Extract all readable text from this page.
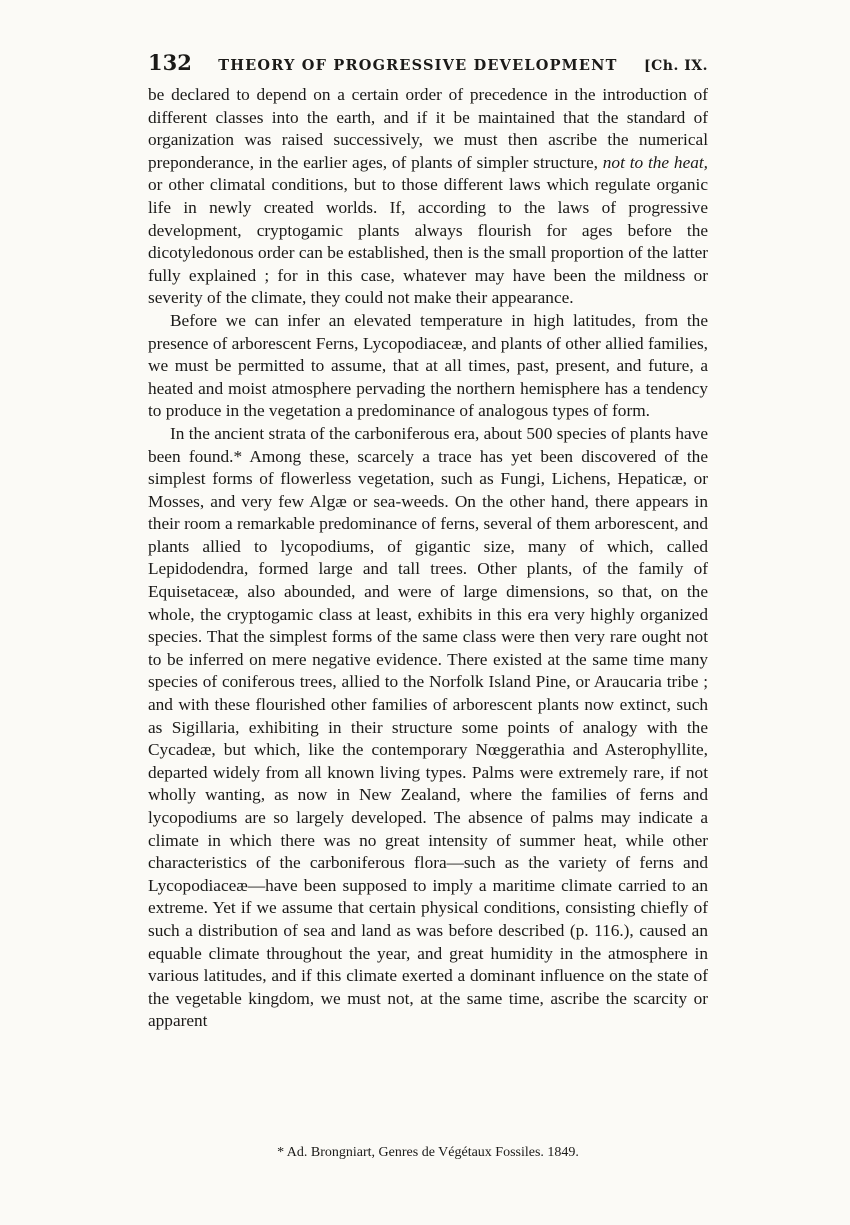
132 THEORY OF PROGRESSIVE DEVELOPMENT [Ch. IX.

be declared to depend on a certain order of precedence in the introduction of different classes into the earth, and if it be maintained that the standard of organization was raised successively, we must then ascribe the numerical preponderance, in the earlier ages, of plants of simpler structure, not to the heat, or other climatal conditions, but to those different laws which regulate organic life in newly created worlds. If, according to the laws of progressive development, cryptogamic plants always flourish for ages before the dicotyledonous order can be established, then is the small proportion of the latter fully explained ; for in this case, whatever may have been the mildness or severity of the climate, they could not make their appearance.

Before we can infer an elevated temperature in high latitudes, from the presence of arborescent Ferns, Lycopodiaceæ, and plants of other allied families, we must be permitted to assume, that at all times, past, present, and future, a heated and moist atmosphere pervading the northern hemisphere has a tendency to produce in the vegetation a predominance of analogous types of form.

In the ancient strata of the carboniferous era, about 500 species of plants have been found.* Among these, scarcely a trace has yet been discovered of the simplest forms of flowerless vegetation, such as Fungi, Lichens, Hepaticæ, or Mosses, and very few Algæ or sea-weeds. On the other hand, there appears in their room a remarkable predominance of ferns, several of them arborescent, and plants allied to lycopodiums, of gigantic size, many of which, called Lepidodendra, formed large and tall trees. Other plants, of the family of Equisetaceæ, also abounded, and were of large dimensions, so that, on the whole, the cryptogamic class at least, exhibits in this era very highly organized species. That the simplest forms of the same class were then very rare ought not to be inferred on mere negative evidence. There existed at the same time many species of coniferous trees, allied to the Norfolk Island Pine, or Araucaria tribe ; and with these flourished other families of arborescent plants now extinct, such as Sigillaria, exhibiting in their structure some points of analogy with the Cycadeæ, but which, like the contemporary Nœggerathia and Asterophyllite, departed widely from all known living types. Palms were extremely rare, if not wholly wanting, as now in New Zealand, where the families of ferns and lycopodiums are so largely developed. The absence of palms may indicate a climate in which there was no great intensity of summer heat, while other characteristics of the carboniferous flora—such as the variety of ferns and Lycopodiaceæ—have been supposed to imply a maritime climate carried to an extreme. Yet if we assume that certain physical conditions, consisting chiefly of such a distribution of sea and land as was before described (p. 116.), caused an equable climate throughout the year, and great humidity in the atmosphere in various latitudes, and if this climate exerted a dominant influence on the state of the vegetable kingdom, we must not, at the same time, ascribe the scarcity or apparent

* Ad. Brongniart, Genres de Végétaux Fossiles. 1849.
